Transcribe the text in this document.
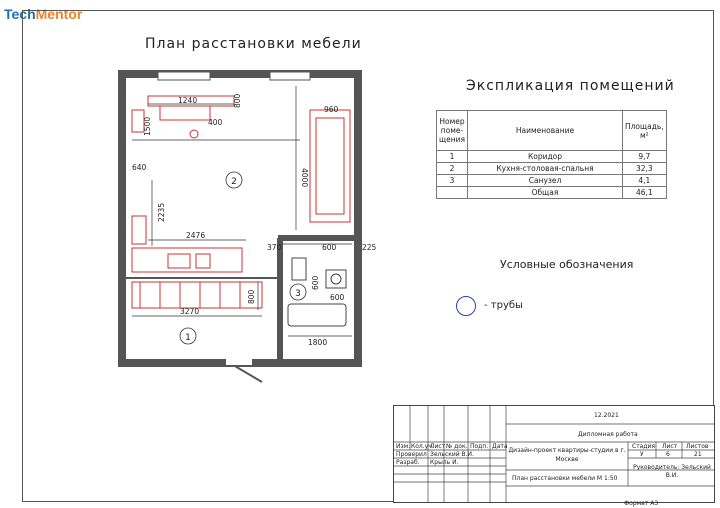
TechMentor
План расстановки мебели
Экспликация помещений
Номер поме-щения	Наименование	Площадь, м²
1	Коридор	9,7
2	Кухня-столовая-спальня	32,3
3	Санузел	4,1
	Общая	46,1
Условные обозначения
- трубы
2
1
3
1240	800
400
1500
960
4000
640
2235
2476
370	600	225
800
600
600
3270
1800
12.2021
Дипломная работа
Дизайн-проект квартиры-студии в г. Москве
План расстановки мебели М 1:50
Стадия Лист Листов
У	6	21
Руководитель: Зельский В.И.
Изм. Кол.уч.
Лист № док. Подп. Дата
Проверил Зельский В.И.
Разраб. Крыль И.
Формат А3
